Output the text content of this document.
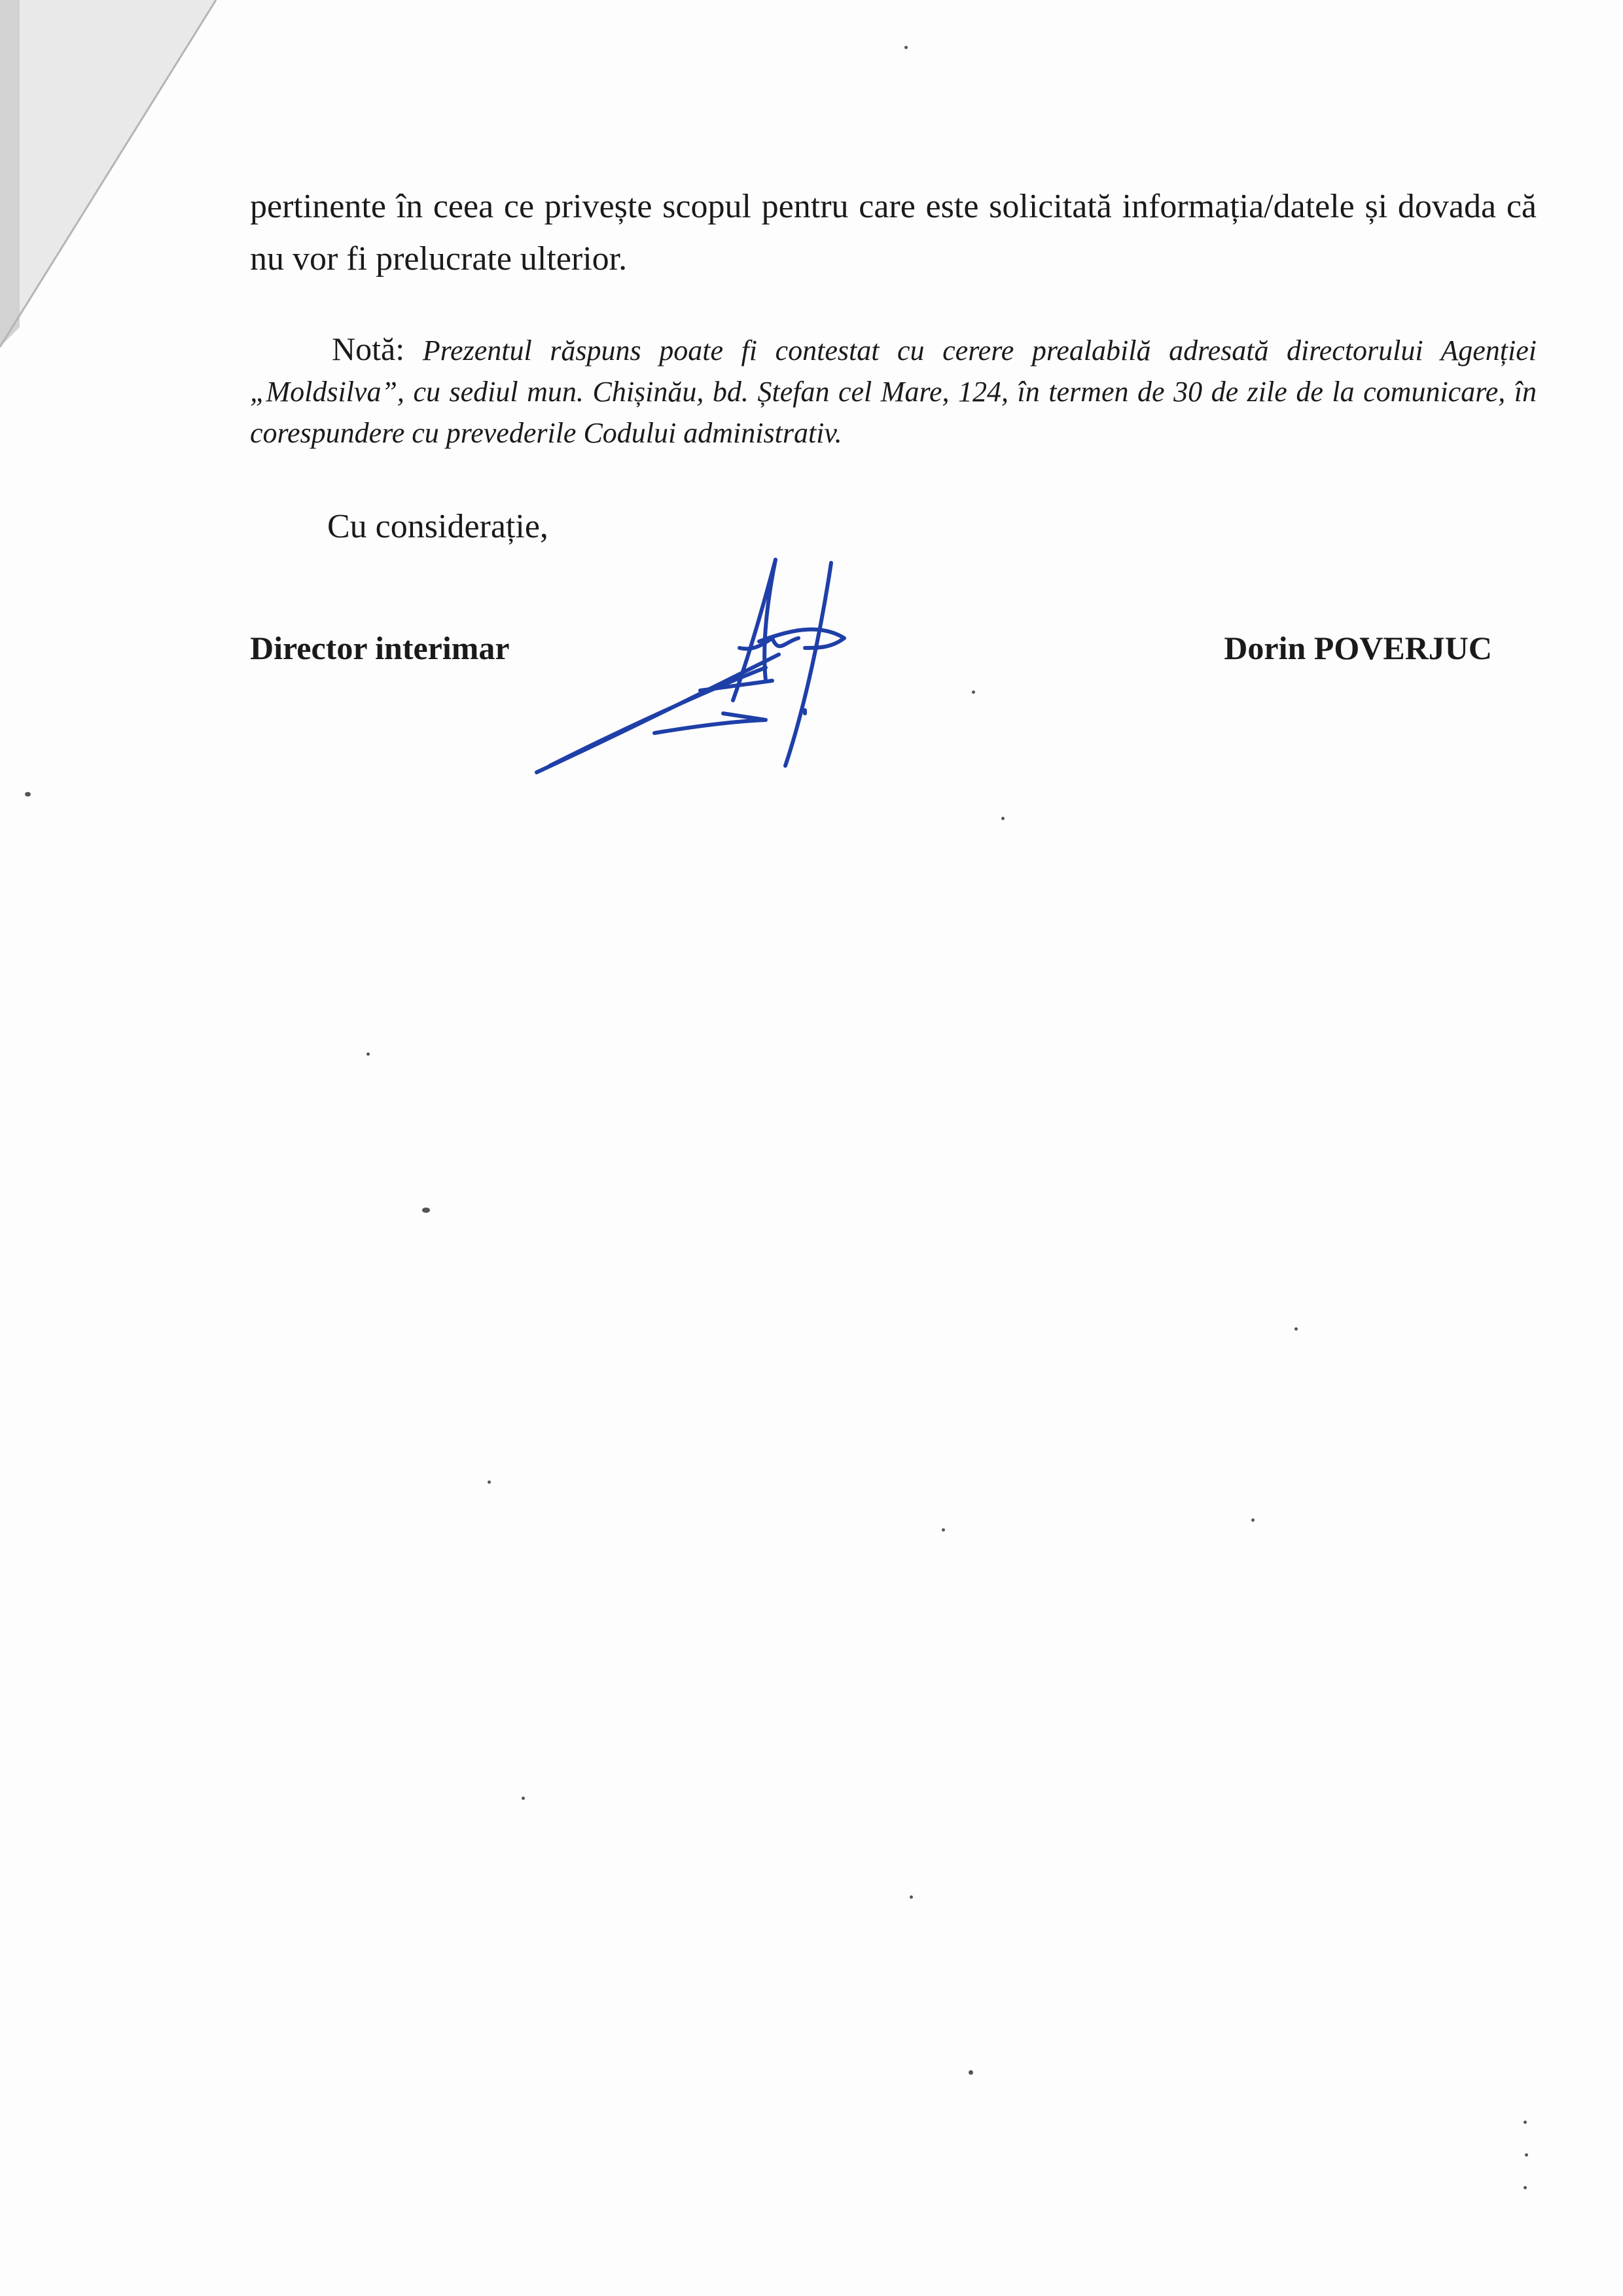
pertinente în ceea ce privește scopul pentru care este solicitată informația/datele și dovada că nu vor fi prelucrate ulterior.

Notă: Prezentul răspuns poate fi contestat cu cerere prealabilă adresată directorului Agenției „Moldsilva”, cu sediul mun. Chișinău, bd. Ștefan cel Mare, 124, în termen de 30 de zile de la comunicare, în corespundere cu prevederile Codului administrativ.

Cu considerație,
Director interimar	Dorin POVERJUC
